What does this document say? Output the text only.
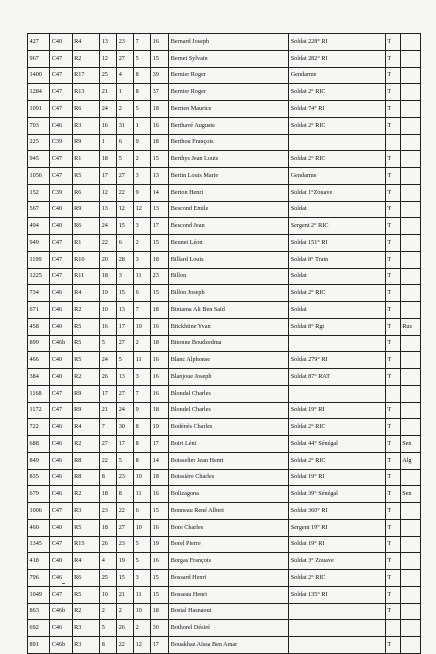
427	C40	R4	13	23	7	16	Bernard Joseph	Soldat 228° RI	T	
967	C47	R2	12	27	5	15	Bernet Sylvain	Soldat 282° RI	T	
1400	C47	R17	25	4	8	39	Bernier Roger	Gendarme	T	
1284	C47	R13	21	1	8	37	Bernier Roger	Soldat 2° RIC	T	
1091	C47	R6	24	2	5	18	Berrien Maurice	Soldat 74° RI	T	
703	C46	R3	16	31	1	16	Berthavé Auguste	Soldat 2° RIC	T	
225	C39	R9	1	6	9	18	Berthou François			
945	C47	R1	18	5	2	15	Berthys Jean Louis	Soldat 2° RIC	T	
1056	C47	R5	17	27	3	13	Bertin Louis Marie	Gendarme	T	
152	C39	R6	12	22	9	14	Berton Henri	Soldat 1°Zouave	T	
567	C40	R9	13	12	12	13	Bescond Emile	Soldat	T	
494	C40	R6	24	15	3	17	Bescond Jean	Sergent 2° RIC	T	
949	C47	R1	22	6	2	15	Beunet Léon	Soldat 151° RI	T	
1199	C47	R10	20	28	3	18	Billard Louis	Soldat 8° Train	T	
1225	C47	R11	18	3	11	23	Billon	Soldat	T	
734	C46	R4	19	15	6	15	Billon Joseph	Soldat 2° RIC	T	
671	C46	R2	10	13	7	18	Bintama Ali Ben Saïd	Soldat	T	
458	C40	R5	16	17	10	16	Bitckhtine Yvan	Soldat 8° Rgt	T	Rus
899	C46b	R5	5	27	2	18	Bitonne Boudzedma		T	
466	C40	R5	24	5	11	16	Blanc Alphonse	Soldat 279° RI	T	
384	C40	R2	26	13	3	16	Blanjoue Joseph	Soldat 87° RAT	T	
1168	C47	R9	17	27	7	16	Blondal Charles			
1172	C47	R9	21	24	9	18	Blondel Charles	Soldat 19° RI	T	
722	C46	R4	7	30	8	19	Bodénès Charles	Soldat 2° RIC	T	
688	C46	R2	27	17	8	17	Boiri Léni	Soldat 44° Sénégal	T	Sen
849	C46	R8	22	5	8	14	Boisselier Jean Henri	Soldat 2° RIC	T	Alg
835	C46	R8	8	23	10	18	Boissière Charles	Soldat 19° RI	T	
679	C46	R2	18	8	11	16	Bolizagona	Soldat 39° Sénégal	T	Sen
1006	C47	R3	23	22	6	15	Bonneau René Albert	Soldat 360° RI	T	
460	C40	R5	18	27	10	16	Bore Charles	Sergent 19° RI	T	
1345	C47	R15	26	23	5	19	Borel Pierre	Soldat 19° RI	T	
418	C40	R4	4	19	5	16	Borgas François	Soldat 3° Zouave	T	
796	C46	R6	25	15	3	15	Bossard Henri	Soldat 2° RIC	T	
1049	C47	R5	10	21	11	15	Bosseau Henri	Soldat 135° RI	T	
863	C46b	R2	2	2	10	18	Bostal Hasnaoui		T	
692	C46	R3	5	26	2	30	Bothorel Désiré			
891	C46b	R3	8	22	12	17	Bouakhaz Aïssa Ben Amar		T	
